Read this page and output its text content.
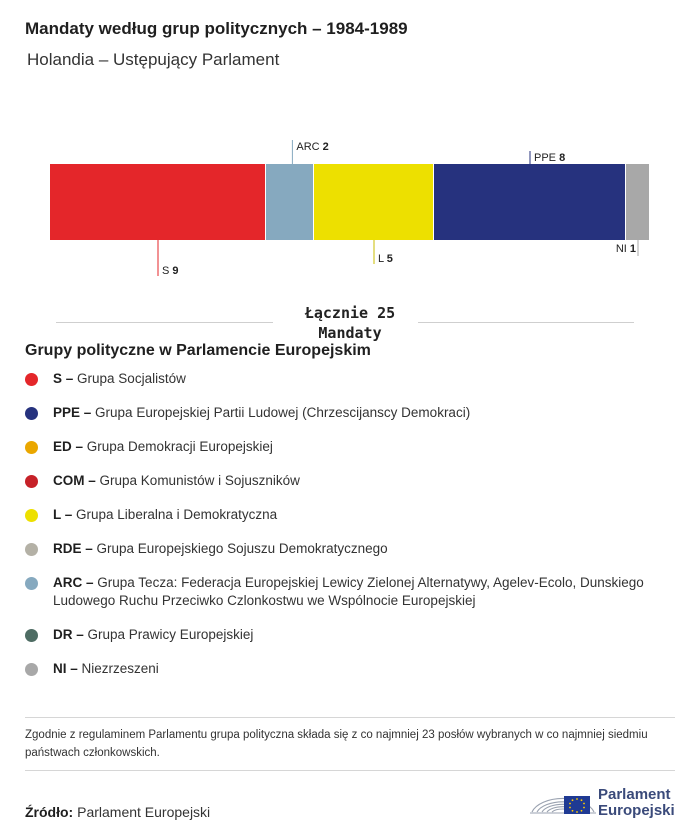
Mandaty według grup politycznych – 1984-1989
Holandia – Ustępujący Parlament
S 9
ARC 2
L 5
PPE 8
NI 1
Łącznie 25
Mandaty
Grupy polityczne w Parlamencie Europejskim
S – Grupa Socjalistów
PPE – Grupa Europejskiej Partii Ludowej (Chrzescijanscy Demokraci)
ED – Grupa Demokracji Europejskiej
COM – Grupa Komunistów i Sojuszników
L – Grupa Liberalna i Demokratyczna
RDE – Grupa Europejskiego Sojuszu Demokratycznego
ARC – Grupa Tecza: Federacja Europejskiej Lewicy Zielonej Alternatywy, Agelev-Ecolo, Dunskiego Ludowego Ruchu Przeciwko Czlonkostwu we Wspólnocie Europejskiej
DR – Grupa Prawicy Europejskiej
NI – Niezrzeszeni
Zgodnie z regulaminem Parlamentu grupa polityczna składa się z co najmniej 23 posłów wybranych w co najmniej siedmiu państwach członkowskich.
Źródło: Parlament Europejski
Parlament
Europejski
